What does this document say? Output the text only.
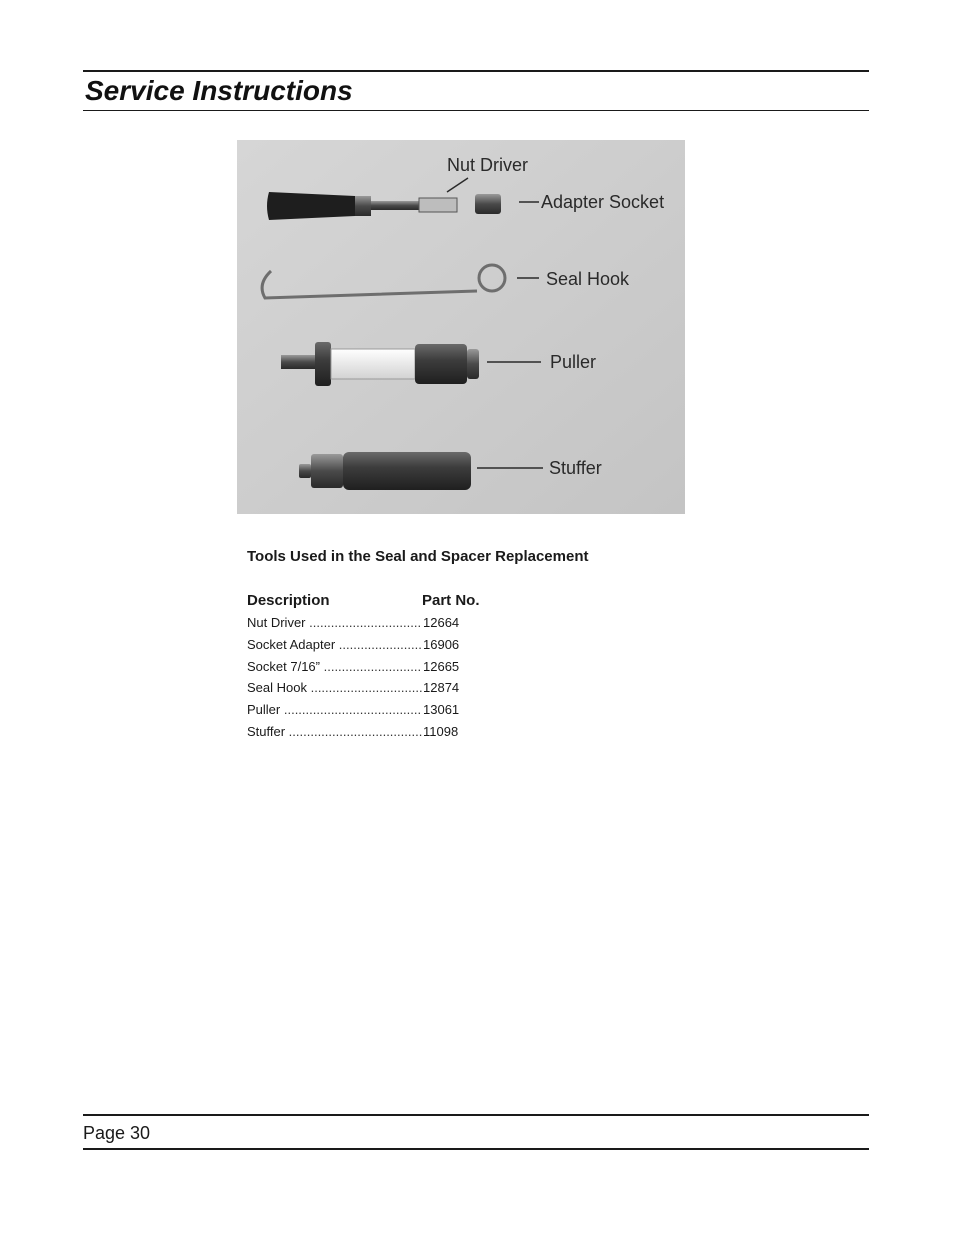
Service Instructions
Nut Driver
Adapter Socket
Seal Hook
Puller
Stuffer

Tools Used in the Seal and Spacer Replacement

Description	Part No.
Nut Driver .....	12664
Socket Adapter .....	16906
Socket 7/16” .....	12665
Seal Hook .....	12874
Puller .....	13061
Stuffer .....	11098
Page 30
